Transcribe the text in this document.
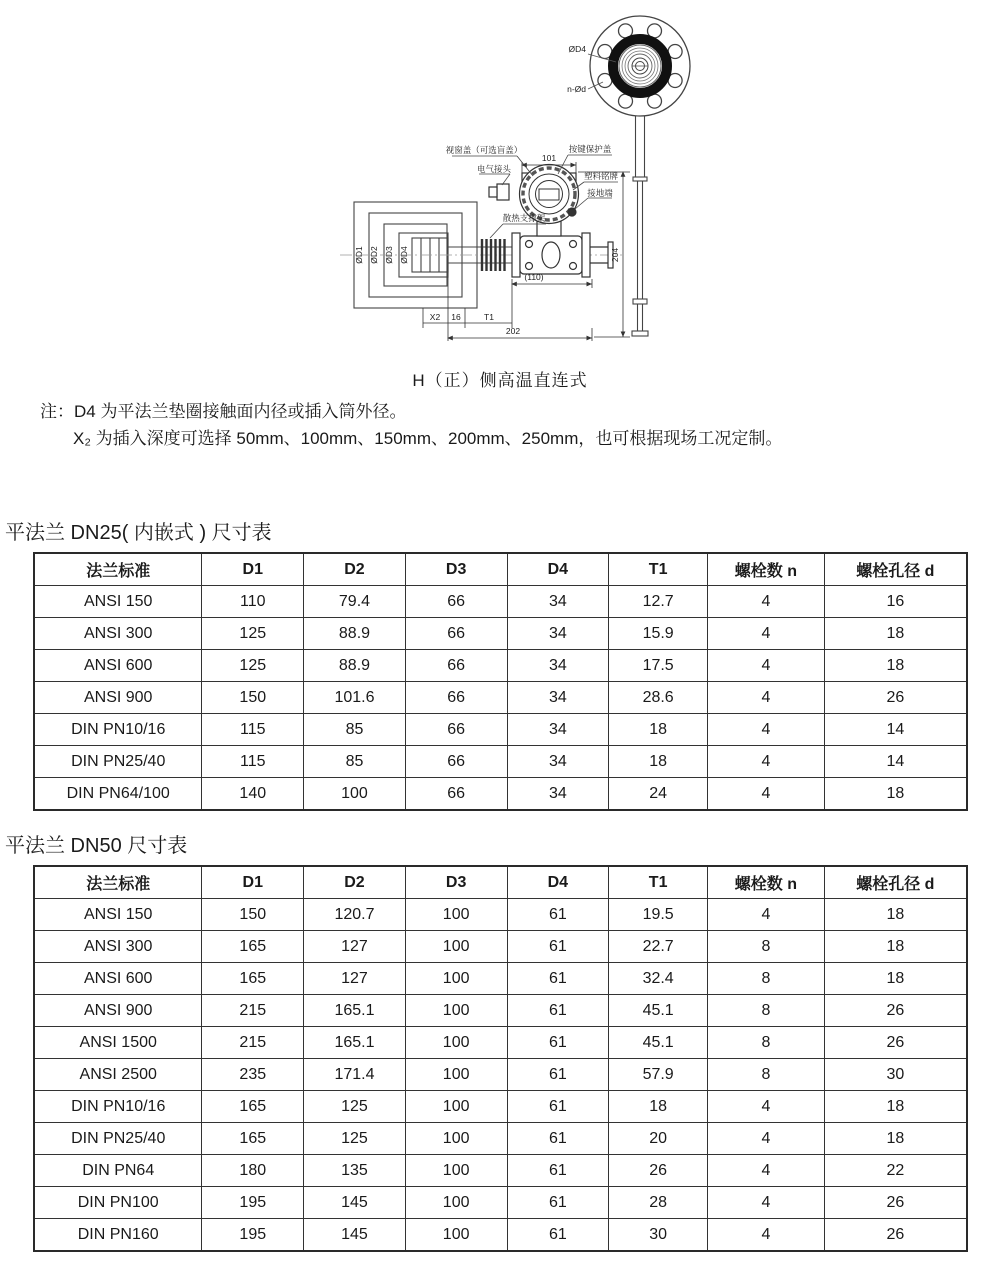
ØD4
n-Ød
ØD1 ØD2 ØD3 ØD4
视窗盖（可选盲盖）
电气接头
按键保护盖
塑料铭牌
接地端
散热支撑架
101
204
(110)
X2 16	T1
202
H（正）侧高温直连式
注：D4 为平法兰垫圈接触面内径或插入筒外径。
X₂ 为插入深度可选择 50mm、100mm、150mm、200mm、250mm，也可根据现场工况定制。
平法兰 DN25( 内嵌式 ) 尺寸表
法兰标准	D1	D2	D3	D4	T1	螺栓数 n	螺栓孔径 d
ANSI 150	110	79.4	66	34	12.7	4	16
ANSI 300	125	88.9	66	34	15.9	4	18
ANSI 600	125	88.9	66	34	17.5	4	18
ANSI 900	150	101.6	66	34	28.6	4	26
DIN PN10/16	115	85	66	34	18	4	14
DIN PN25/40	115	85	66	34	18	4	14
DIN PN64/100	140	100	66	34	24	4	18
平法兰 DN50 尺寸表
法兰标准	D1	D2	D3	D4	T1	螺栓数 n	螺栓孔径 d
ANSI 150	150	120.7	100	61	19.5	4	18
ANSI 300	165	127	100	61	22.7	8	18
ANSI 600	165	127	100	61	32.4	8	18
ANSI 900	215	165.1	100	61	45.1	8	26
ANSI 1500	215	165.1	100	61	45.1	8	26
ANSI 2500	235	171.4	100	61	57.9	8	30
DIN PN10/16	165	125	100	61	18	4	18
DIN PN25/40	165	125	100	61	20	4	18
DIN PN64	180	135	100	61	26	4	22
DIN PN100	195	145	100	61	28	4	26
DIN PN160	195	145	100	61	30	4	26
